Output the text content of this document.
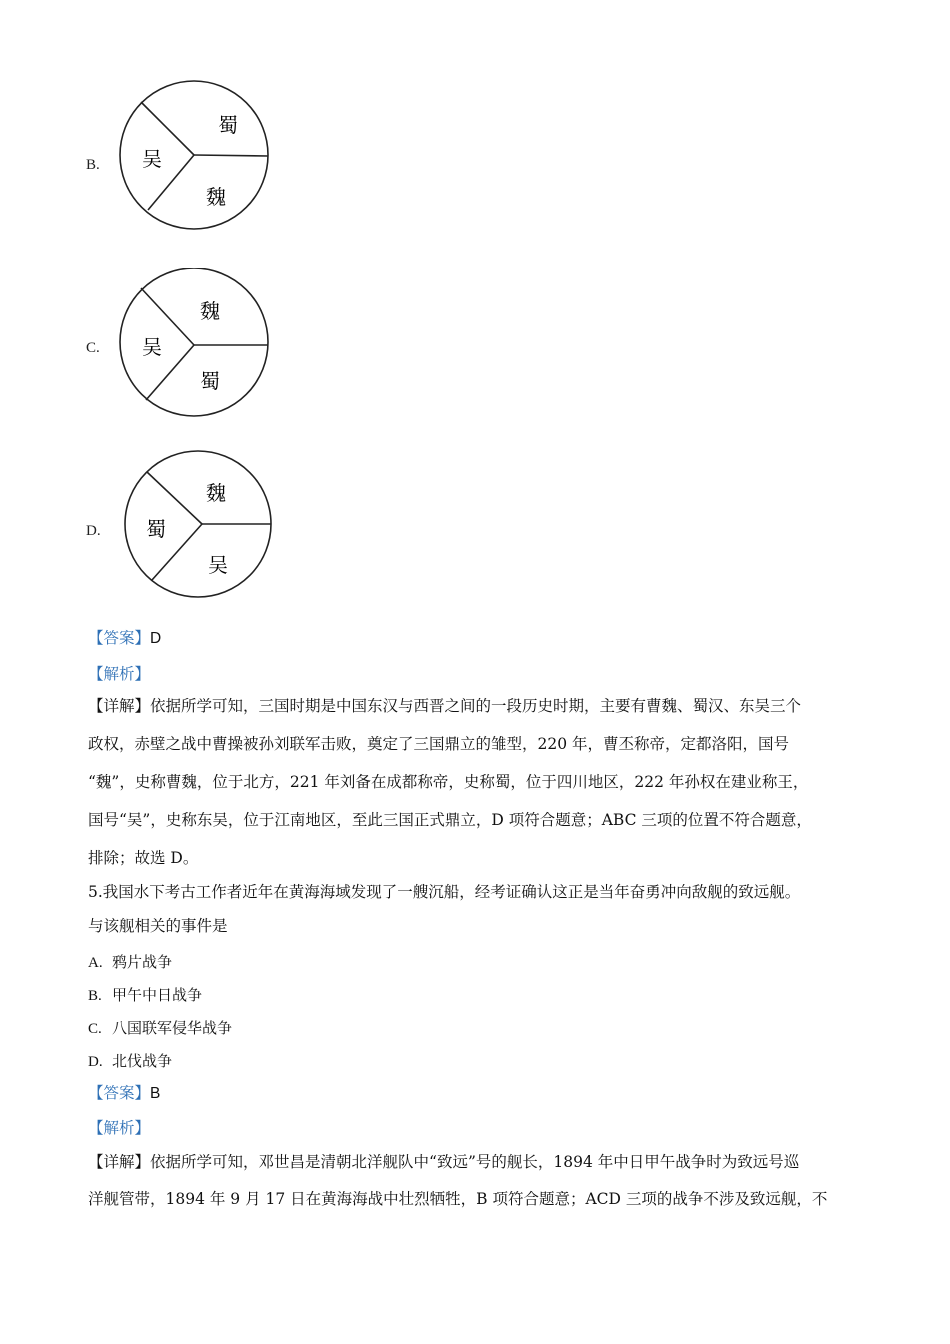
B.
蜀
吴
魏
C.
魏
吴
蜀
D.
魏
蜀
吴
【答案】D
【解析】
【详解】依据所学可知，三国时期是中国东汉与西晋之间的一段历史时期，主要有曹魏、蜀汉、东吴三个
政权，赤壁之战中曹操被孙刘联军击败，奠定了三国鼎立的雏型，220 年，曹丕称帝，定都洛阳，国号
“魏”，史称曹魏，位于北方，221 年刘备在成都称帝，史称蜀，位于四川地区，222 年孙权在建业称王，
国号“吴”，史称东吴，位于江南地区，至此三国正式鼎立，D 项符合题意；ABC 三项的位置不符合题意，
排除；故选 D。
5.我国水下考古工作者近年在黄海海域发现了一艘沉船，经考证确认这正是当年奋勇冲向敌舰的致远舰。
与该舰相关的事件是
A. 鸦片战争
B. 甲午中日战争
C. 八国联军侵华战争
D. 北伐战争
【答案】B
【解析】
【详解】依据所学可知，邓世昌是清朝北洋舰队中“致远”号的舰长，1894 年中日甲午战争时为致远号巡
洋舰管带，1894 年 9 月 17 日在黄海海战中壮烈牺牲，B 项符合题意；ACD 三项的战争不涉及致远舰，不
